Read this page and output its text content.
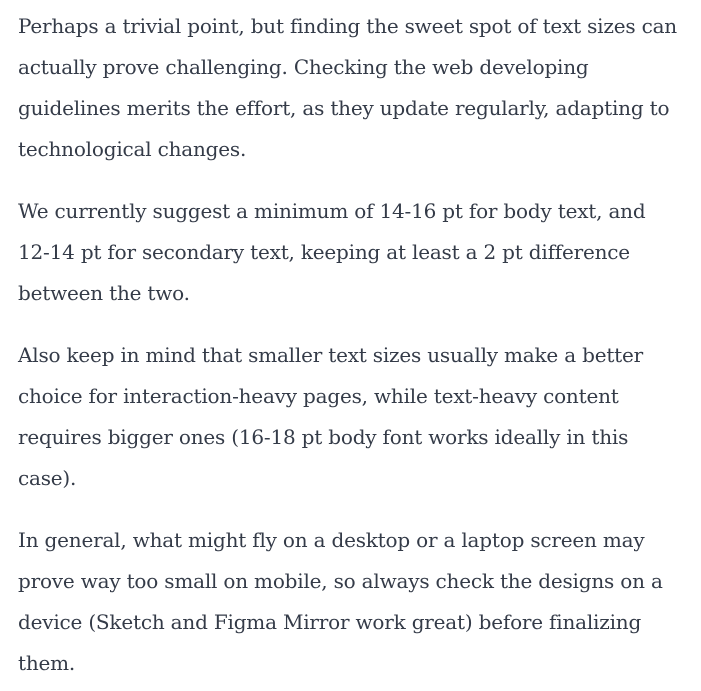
Perhaps a trivial point, but finding the sweet spot of text sizes can actually prove challenging. Checking the web developing guidelines merits the effort, as they update regularly, adapting to technological changes.

We currently suggest a minimum of 14-16 pt for body text, and 12-14 pt for secondary text, keeping at least a 2 pt difference between the two.

Also keep in mind that smaller text sizes usually make a better choice for interaction-heavy pages, while text-heavy content requires bigger ones (16-18 pt body font works ideally in this case).

In general, what might fly on a desktop or a laptop screen may prove way too small on mobile, so always check the designs on a device (Sketch and Figma Mirror work great) before finalizing them.
